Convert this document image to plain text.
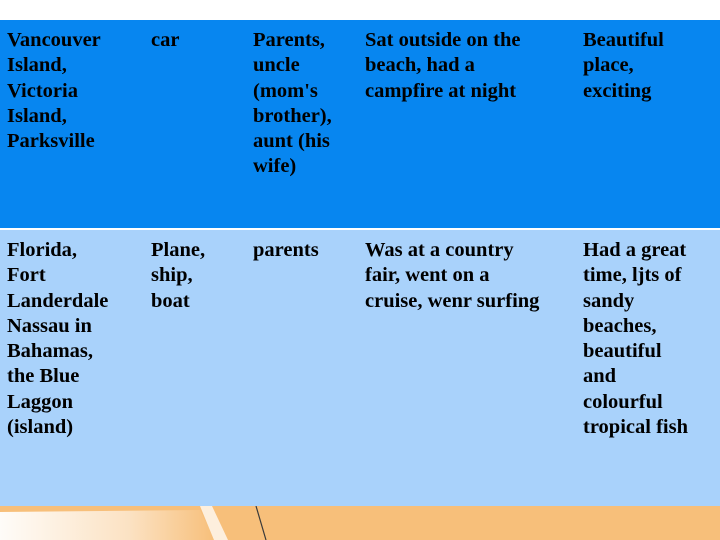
Vancouver
Island,
Victoria
Island,
Parksville
car	Parents,
uncle
(mom's
brother),
aunt (his
wife)
Sat outside on the
beach, had a
campfire at night
Beautiful
place,
exciting
Florida,
Fort
Landerdale
Nassau in
Bahamas,
the Blue
Laggon
(island)
Plane,
ship,
boat
parents	Was at a country
fair, went on a
cruise, wenr surfing
Had a great
time, ljts of
sandy
beaches,
beautiful
and
colourful
tropical fish
